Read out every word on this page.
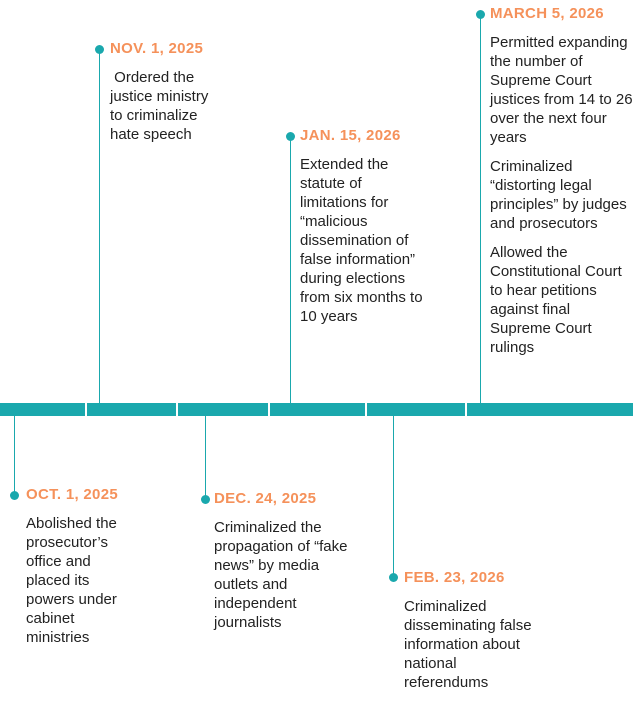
OCT. 1, 2025
Abolished the prosecutor’s office and placed its powers under cabinet ministries
NOV. 1, 2025
Ordered the justice ministry to criminalize hate speech
DEC. 24, 2025
Criminalized the propagation of “fake news” by media outlets and independent journalists
JAN. 15, 2026
Extended the statute of limitations for “malicious dissemination of false information” during elections from six months to 10 years
FEB. 23, 2026
Criminalized disseminating false information about national referendums
MARCH 5, 2026

Permitted expanding the number of Supreme Court justices from 14 to 26 over the next four years

Criminalized “distorting legal principles” by judges and prosecutors

Allowed the Constitutional Court to hear petitions against final Supreme Court rulings
